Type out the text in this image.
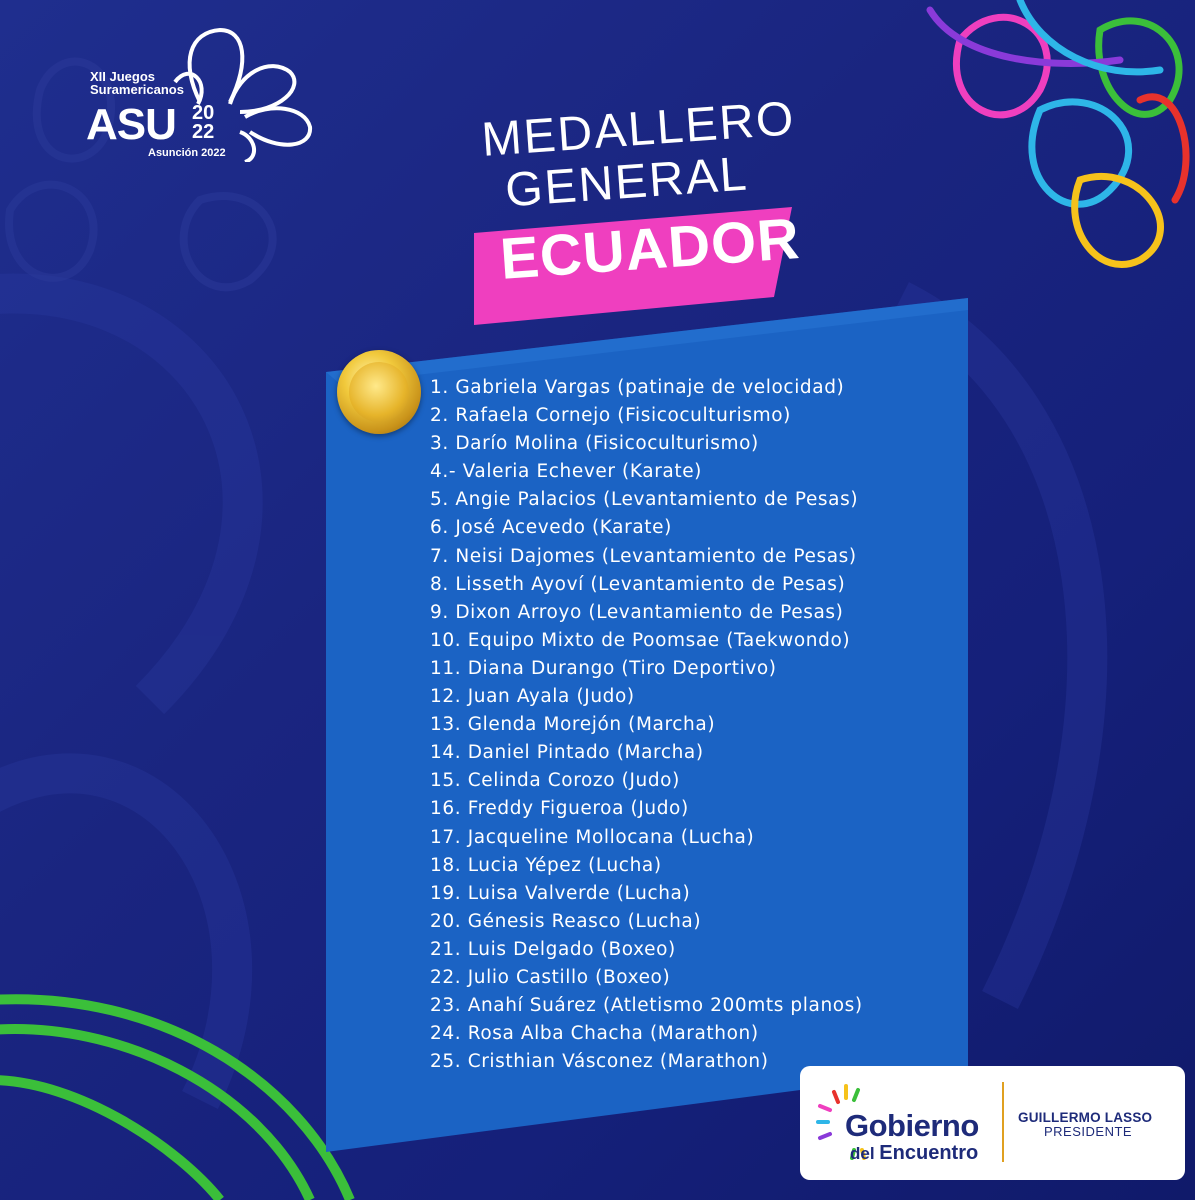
XII Juegos
Suramericanos
ASU 20
22
Asunción 2022	MEDALLERO
GENERAL
ECUADOR
1. Gabriela Vargas (patinaje de velocidad)
2. Rafaela Cornejo (Fisicoculturismo)
3. Darío Molina (Fisicoculturismo)
4.- Valeria Echever (Karate)
5. Angie Palacios (Levantamiento de Pesas)
6. José Acevedo (Karate)
7. Neisi Dajomes (Levantamiento de Pesas)
8. Lisseth Ayoví (Levantamiento de Pesas)
9. Dixon Arroyo (Levantamiento de Pesas)
10. Equipo Mixto de Poomsae (Taekwondo)
11. Diana Durango (Tiro Deportivo)
12. Juan Ayala (Judo)
13. Glenda Morejón (Marcha)
14. Daniel Pintado (Marcha)
15. Celinda Corozo (Judo)
16. Freddy Figueroa (Judo)
17. Jacqueline Mollocana (Lucha)
18. Lucia Yépez (Lucha)
19. Luisa Valverde (Lucha)
20. Génesis Reasco (Lucha)
21. Luis Delgado (Boxeo)
22. Julio Castillo (Boxeo)
23. Anahí Suárez (Atletismo 200mts planos)
24. Rosa Alba Chacha (Marathon)
25. Cristhian Vásconez (Marathon)
Gobierno
del Encuentro
GUILLERMO LASSO
PRESIDENTE
